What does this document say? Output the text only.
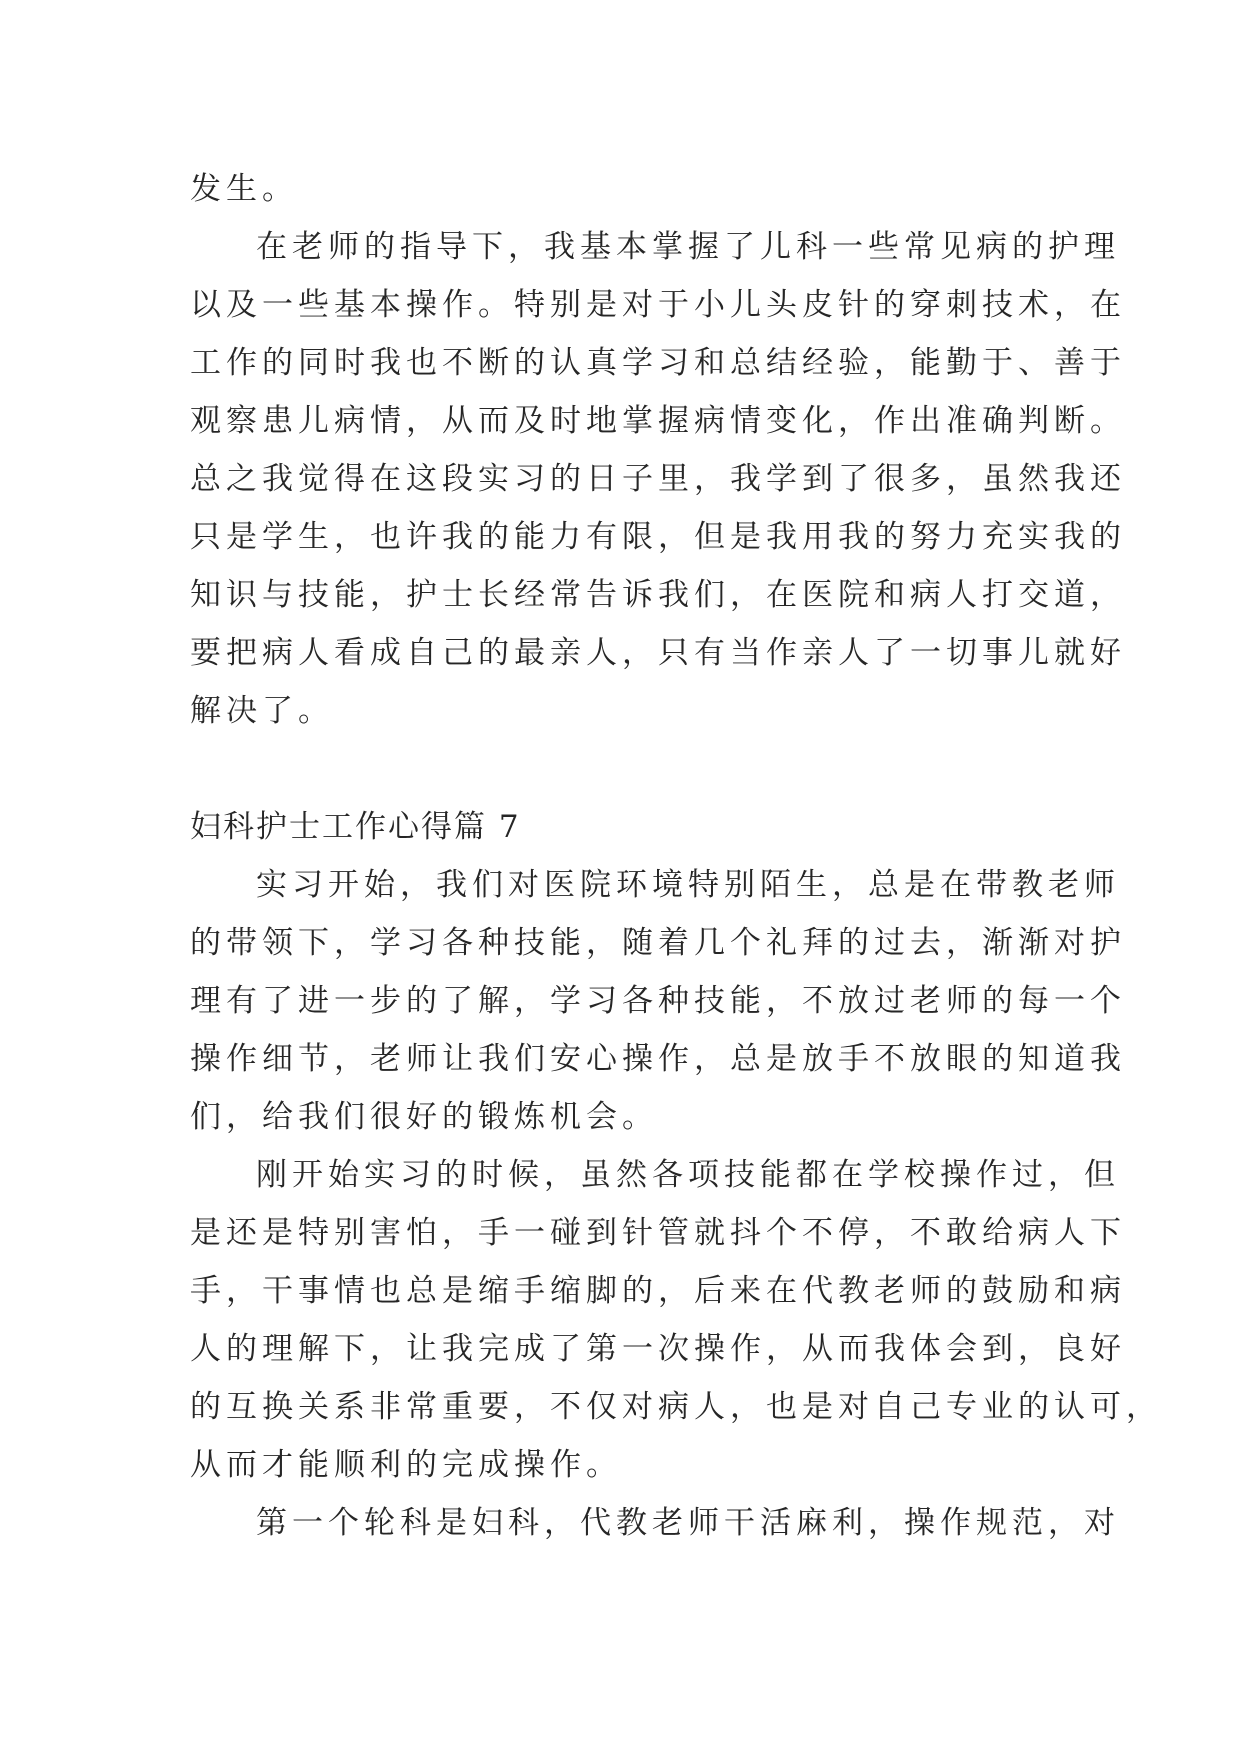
发生。
在老师的指导下，我基本掌握了儿科一些常见病的护理
以及一些基本操作。特别是对于小儿头皮针的穿刺技术，在
工作的同时我也不断的认真学习和总结经验，能勤于、善于
观察患儿病情，从而及时地掌握病情变化，作出准确判断。
总之我觉得在这段实习的日子里，我学到了很多，虽然我还
只是学生，也许我的能力有限，但是我用我的努力充实我的
知识与技能，护士长经常告诉我们，在医院和病人打交道，
要把病人看成自己的最亲人，只有当作亲人了一切事儿就好
解决了。
妇科护士工作心得篇 7
实习开始，我们对医院环境特别陌生，总是在带教老师
的带领下，学习各种技能，随着几个礼拜的过去，渐渐对护
理有了进一步的了解，学习各种技能，不放过老师的每一个
操作细节，老师让我们安心操作，总是放手不放眼的知道我
们，给我们很好的锻炼机会。
刚开始实习的时候，虽然各项技能都在学校操作过，但
是还是特别害怕，手一碰到针管就抖个不停，不敢给病人下
手，干事情也总是缩手缩脚的，后来在代教老师的鼓励和病
人的理解下，让我完成了第一次操作，从而我体会到，良好
的互换关系非常重要，不仅对病人，也是对自己专业的认可，
从而才能顺利的完成操作。
第一个轮科是妇科，代教老师干活麻利，操作规范，对
